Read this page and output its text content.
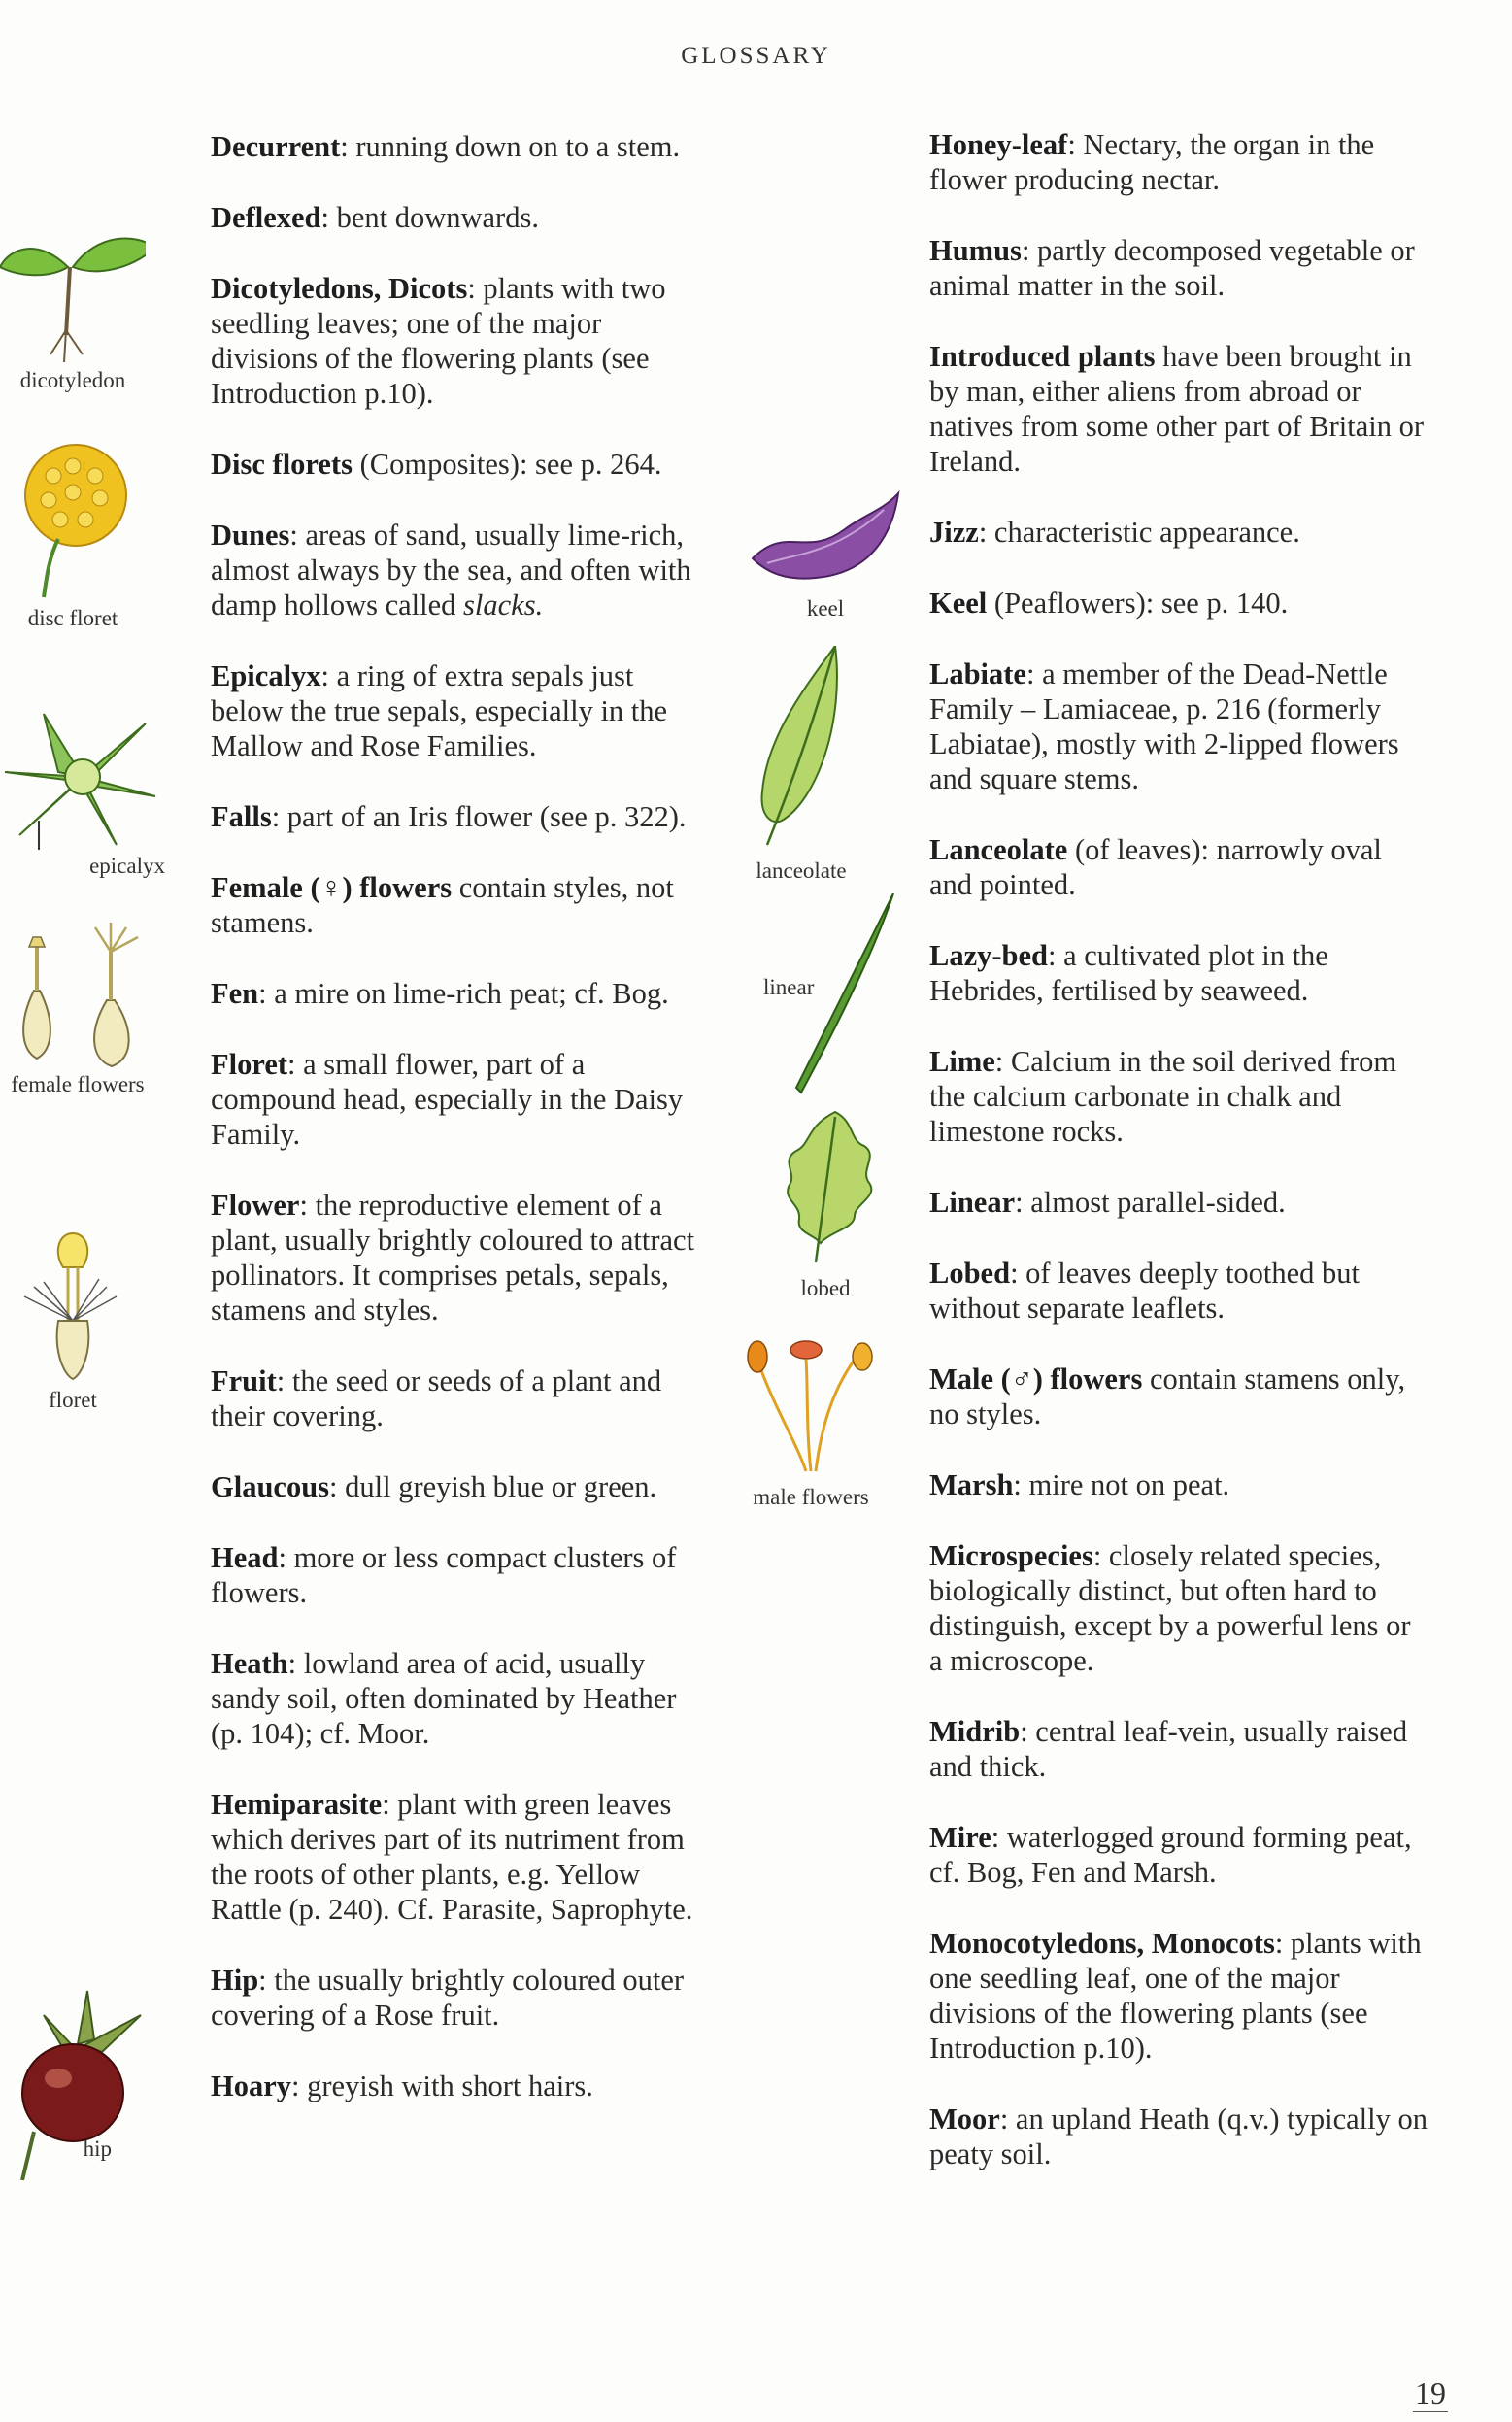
GLOSSARY

Decurrent: running down on to a stem.

Deflexed: bent downwards.

Dicotyledons, Dicots: plants with two seedling leaves; one of the major divisions of the flowering plants (see Introduction p.10).

Disc florets (Composites): see p. 264.

Dunes: areas of sand, usually lime-rich, almost always by the sea, and often with damp hollows called slacks.

Epicalyx: a ring of extra sepals just below the true sepals, especially in the Mallow and Rose Families.

Falls: part of an Iris flower (see p. 322).

Female (♀) flowers contain styles, not stamens.

Fen: a mire on lime-rich peat; cf. Bog.

Floret: a small flower, part of a compound head, especially in the Daisy Family.

Flower: the reproductive element of a plant, usually brightly coloured to attract pollinators. It comprises petals, sepals, stamens and styles.

Fruit: the seed or seeds of a plant and their covering.

Glaucous: dull greyish blue or green.

Head: more or less compact clusters of flowers.

Heath: lowland area of acid, usually sandy soil, often dominated by Heather (p. 104); cf. Moor.

Hemiparasite: plant with green leaves which derives part of its nutriment from the roots of other plants, e.g. Yellow Rattle (p. 240). Cf. Parasite, Saprophyte.

Hip: the usually brightly coloured outer covering of a Rose fruit.

Hoary: greyish with short hairs.

Honey-leaf: Nectary, the organ in the flower producing nectar.

Humus: partly decomposed vegetable or animal matter in the soil.

Introduced plants have been brought in by man, either aliens from abroad or natives from some other part of Britain or Ireland.

Jizz: characteristic appearance.

Keel (Peaflowers): see p. 140.

Labiate: a member of the Dead-Nettle Family – Lamiaceae, p. 216 (formerly Labiatae), mostly with 2-lipped flowers and square stems.

Lanceolate (of leaves): narrowly oval and pointed.

Lazy-bed: a cultivated plot in the Hebrides, fertilised by seaweed.

Lime: Calcium in the soil derived from the calcium carbonate in chalk and limestone rocks.

Linear: almost parallel-sided.

Lobed: of leaves deeply toothed but without separate leaflets.

Male (♂) flowers contain stamens only, no styles.

Marsh: mire not on peat.

Microspecies: closely related species, biologically distinct, but often hard to distinguish, except by a powerful lens or a microscope.

Midrib: central leaf-vein, usually raised and thick.

Mire: waterlogged ground forming peat, cf. Bog, Fen and Marsh.

Monocotyledons, Monocots: plants with one seedling leaf, one of the major divisions of the flowering plants (see Introduction p.10).

Moor: an upland Heath (q.v.) typically on peaty soil.

dicotyledon
disc floret
epicalyx
female flowers
floret
hip
keel
lanceolate
linear
lobed
male flowers
19
